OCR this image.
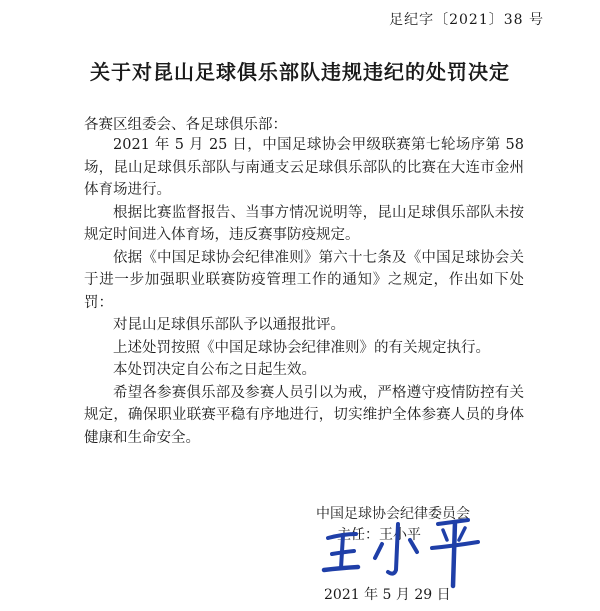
足纪字〔2021〕38 号
关于对昆山足球俱乐部队违规违纪的处罚决定
各赛区组委会、各足球俱乐部：

2021 年 5 月 25 日，中国足球协会甲级联赛第七轮场序第 58 场，昆山足球俱乐部队与南通支云足球俱乐部队的比赛在大连市金州体育场进行。

根据比赛监督报告、当事方情况说明等，昆山足球俱乐部队未按规定时间进入体育场，违反赛事防疫规定。

依据《中国足球协会纪律准则》第六十七条及《中国足球协会关于进一步加强职业联赛防疫管理工作的通知》之规定，作出如下处罚：

对昆山足球俱乐部队予以通报批评。

上述处罚按照《中国足球协会纪律准则》的有关规定执行。

本处罚决定自公布之日起生效。

希望各参赛俱乐部及参赛人员引以为戒，严格遵守疫情防控有关规定，确保职业联赛平稳有序地进行，切实维护全体参赛人员的身体健康和生命安全。

中国足球协会纪律委员会
主任：王小平
2021 年 5 月 29 日
